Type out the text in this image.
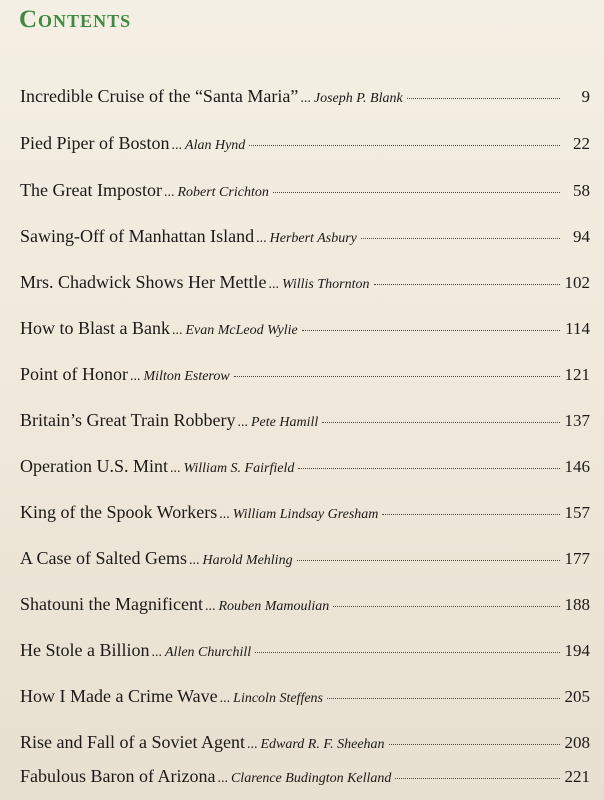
Contents
Incredible Cruise of the “Santa Maria” ... Joseph P. Blank	9
Pied Piper of Boston ... Alan Hynd	22
The Great Impostor ... Robert Crichton	58
Sawing-Off of Manhattan Island ... Herbert Asbury	94
Mrs. Chadwick Shows Her Mettle ... Willis Thornton	102
How to Blast a Bank ... Evan McLeod Wylie	114
Point of Honor ... Milton Esterow	121
Britain’s Great Train Robbery ... Pete Hamill	137
Operation U.S. Mint ... William S. Fairfield	146
King of the Spook Workers ... William Lindsay Gresham	157
A Case of Salted Gems ... Harold Mehling	177
Shatouni the Magnificent ... Rouben Mamoulian	188
He Stole a Billion ... Allen Churchill	194
How I Made a Crime Wave ... Lincoln Steffens	205
Rise and Fall of a Soviet Agent ... Edward R. F. Sheehan	208
Fabulous Baron of Arizona ... Clarence Budington Kelland	221
